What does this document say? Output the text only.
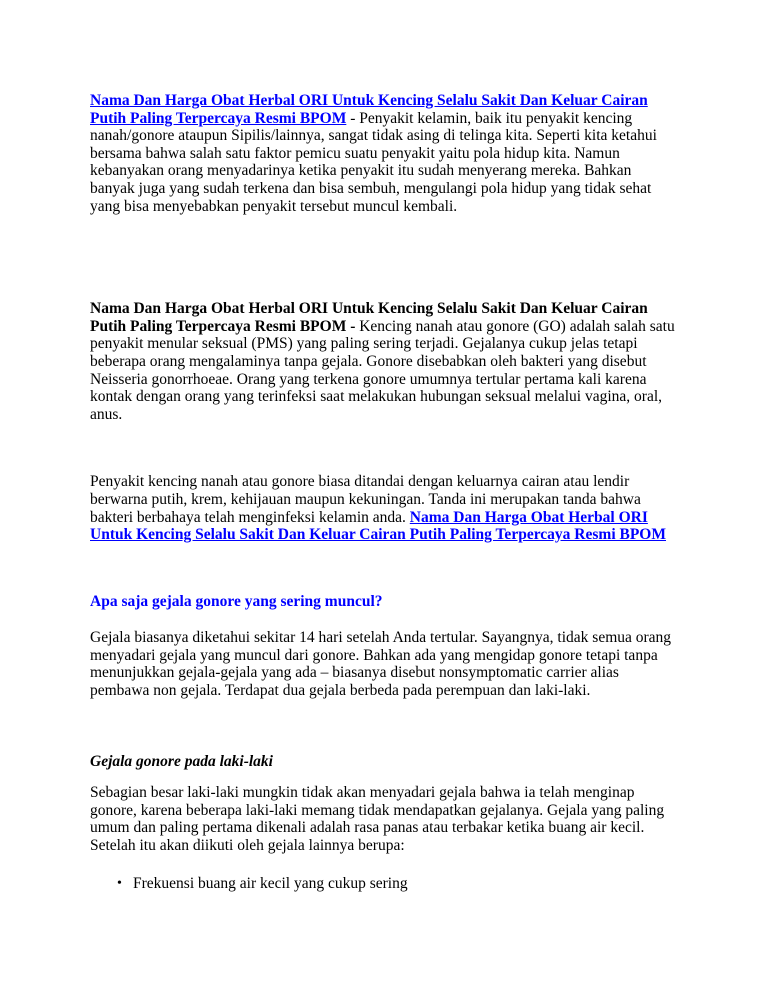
Nama Dan Harga Obat Herbal ORI Untuk Kencing Selalu Sakit Dan Keluar Cairan Putih Paling Terpercaya Resmi BPOM - Penyakit kelamin, baik itu penyakit kencing nanah/gonore ataupun Sipilis/lainnya, sangat tidak asing di telinga kita. Seperti kita ketahui bersama bahwa salah satu faktor pemicu suatu penyakit yaitu pola hidup kita. Namun kebanyakan orang menyadarinya ketika penyakit itu sudah menyerang mereka. Bahkan banyak juga yang sudah terkena dan bisa sembuh, mengulangi pola hidup yang tidak sehat yang bisa menyebabkan penyakit tersebut muncul kembali.
Nama Dan Harga Obat Herbal ORI Untuk Kencing Selalu Sakit Dan Keluar Cairan Putih Paling Terpercaya Resmi BPOM - Kencing nanah atau gonore (GO) adalah salah satu penyakit menular seksual (PMS) yang paling sering terjadi. Gejalanya cukup jelas tetapi beberapa orang mengalaminya tanpa gejala. Gonore disebabkan oleh bakteri yang disebut Neisseria gonorrhoeae. Orang yang terkena gonore umumnya tertular pertama kali karena kontak dengan orang yang terinfeksi saat melakukan hubungan seksual melalui vagina, oral, anus.
Penyakit kencing nanah atau gonore biasa ditandai dengan keluarnya cairan atau lendir berwarna putih, krem, kehijauan maupun kekuningan. Tanda ini merupakan tanda bahwa bakteri berbahaya telah menginfeksi kelamin anda. Nama Dan Harga Obat Herbal ORI Untuk Kencing Selalu Sakit Dan Keluar Cairan Putih Paling Terpercaya Resmi BPOM
Apa saja gejala gonore yang sering muncul?
Gejala biasanya diketahui sekitar 14 hari setelah Anda tertular. Sayangnya, tidak semua orang menyadari gejala yang muncul dari gonore. Bahkan ada yang mengidap gonore tetapi tanpa menunjukkan gejala-gejala yang ada – biasanya disebut nonsymptomatic carrier alias pembawa non gejala. Terdapat dua gejala berbeda pada perempuan dan laki-laki.
Gejala gonore pada laki-laki
Sebagian besar laki-laki mungkin tidak akan menyadari gejala bahwa ia telah menginap gonore, karena beberapa laki-laki memang tidak mendapatkan gejalanya. Gejala yang paling umum dan paling pertama dikenali adalah rasa panas atau terbakar ketika buang air kecil. Setelah itu akan diikuti oleh gejala lainnya berupa:
• Frekuensi buang air kecil yang cukup sering
